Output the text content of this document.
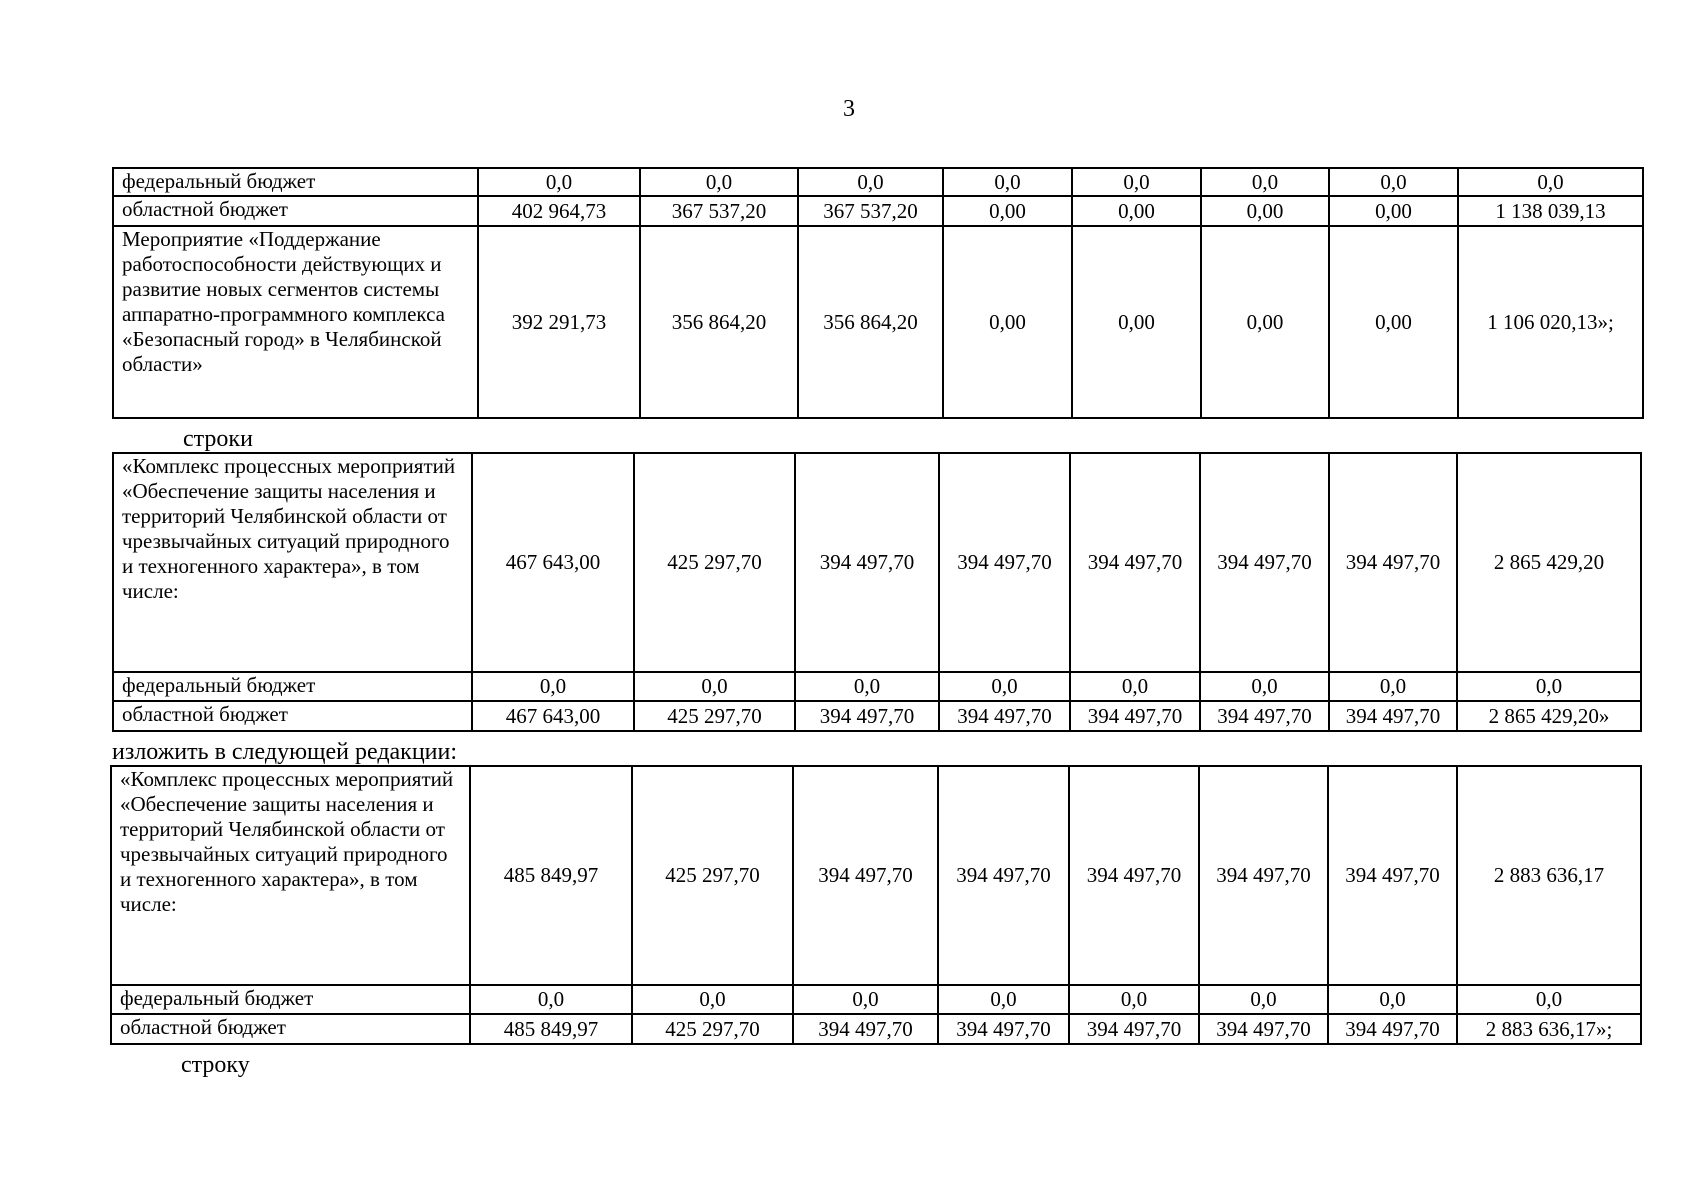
3
федеральный бюджет	0,0	0,0	0,0	0,0	0,0	0,0	0,0	0,0
областной бюджет	402 964,73	367 537,20	367 537,20	0,00	0,00	0,00	0,00	1 138 039,13
Мероприятие «Поддержание работоспособности действующих и развитие новых сегментов системы аппаратно-программного комплекса «Безопасный город» в Челябинской области»	392 291,73	356 864,20	356 864,20	0,00	0,00	0,00	0,00	1 106 020,13»;
строки
«Комплекс процессных мероприятий «Обеспечение защиты населения и территорий Челябинской области от чрезвычайных ситуаций природного и техногенного характера», в том числе:	467 643,00	425 297,70	394 497,70	394 497,70	394 497,70	394 497,70	394 497,70	2 865 429,20
федеральный бюджет	0,0	0,0	0,0	0,0	0,0	0,0	0,0	0,0
областной бюджет	467 643,00	425 297,70	394 497,70	394 497,70	394 497,70	394 497,70	394 497,70	2 865 429,20»
изложить в следующей редакции:
«Комплекс процессных мероприятий «Обеспечение защиты населения и территорий Челябинской области от чрезвычайных ситуаций природного и техногенного характера», в том числе:	485 849,97	425 297,70	394 497,70	394 497,70	394 497,70	394 497,70	394 497,70	2 883 636,17
федеральный бюджет	0,0	0,0	0,0	0,0	0,0	0,0	0,0	0,0
областной бюджет	485 849,97	425 297,70	394 497,70	394 497,70	394 497,70	394 497,70	394 497,70	2 883 636,17»;
строку
